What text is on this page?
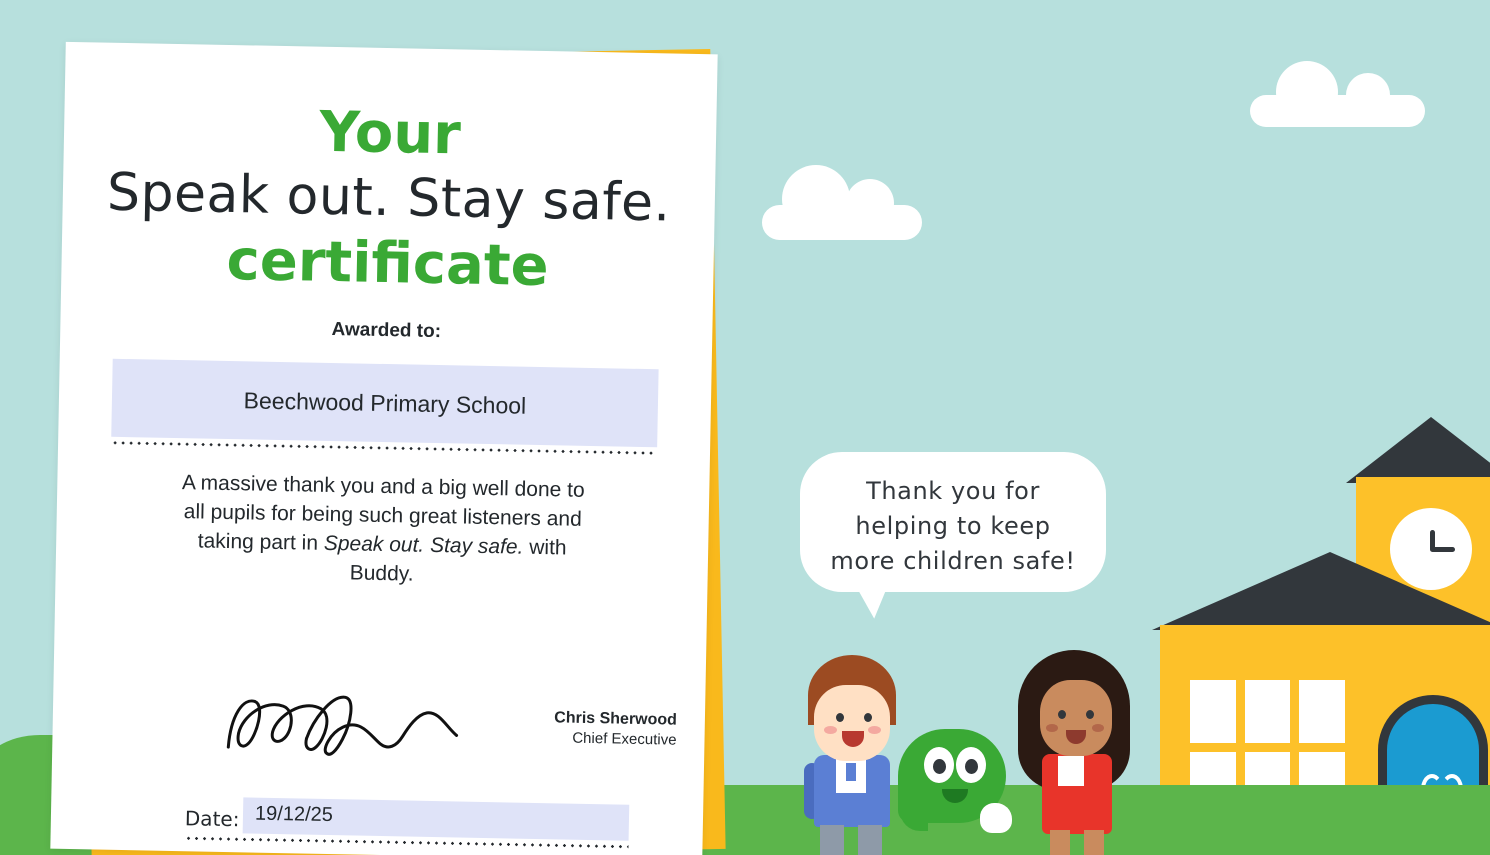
Thank you for
helping to keep
more children safe!
Your
Speak out. Stay safe.
certificate
Awarded to:
Beechwood Primary School
A massive thank you and a big well done to all pupils for being such great listeners and taking part in Speak out. Stay safe. with Buddy.
Chris Sherwood
Chief Executive
Date: 19/12/25
